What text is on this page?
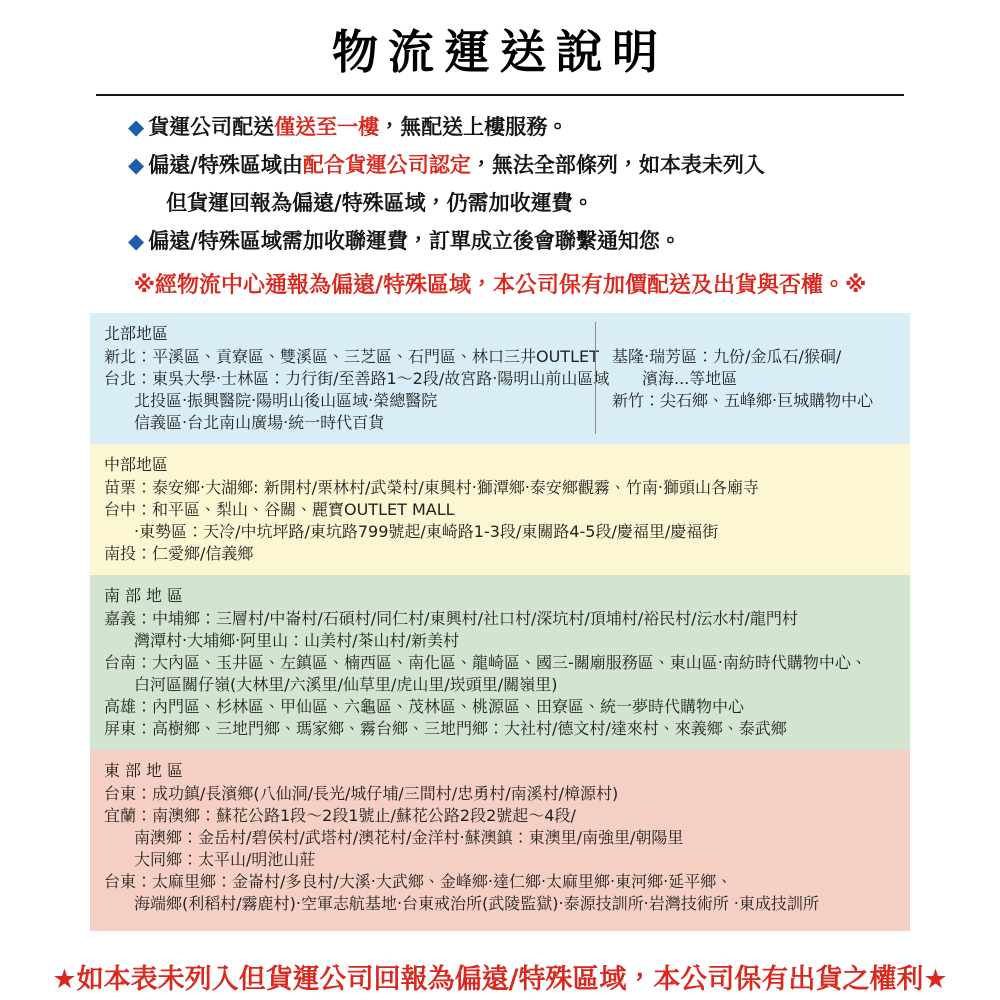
物流運送說明
◆ 貨運公司配送僅送至一樓，無配送上樓服務。
◆ 偏遠/特殊區域由配合貨運公司認定，無法全部條列，如本表未列入
但貨運回報為偏遠/特殊區域，仍需加收運費。
◆ 偏遠/特殊區域需加收聯運費，訂單成立後會聯繫通知您。
※經物流中心通報為偏遠/特殊區域，本公司保有加價配送及出貨與否權。※
北部地區
新北：平溪區、貢寮區、雙溪區、三芝區、石門區、林口三井OUTLET
台北：東吳大學‧士林區：力行街/至善路1～2段/故宮路‧陽明山前山區域
北投區‧振興醫院‧陽明山後山區域‧榮總醫院
信義區‧台北南山廣場‧統一時代百貨

基隆‧瑞芳區：九份/金瓜石/猴硐/
濱海...等地區
新竹：尖石鄉、五峰鄉‧巨城購物中心
中部地區
苗栗：泰安鄉‧大湖鄉: 新開村/栗林村/武榮村/東興村‧獅潭鄉‧泰安鄉觀霧、竹南‧獅頭山各廟寺
台中：和平區、梨山、谷關、麗寶OUTLET MALL
‧東勢區：天冷/中坑坪路/東坑路799號起/東崎路1-3段/東關路4-5段/慶福里/慶福街
南投：仁愛鄉/信義鄉
南部地區
嘉義：中埔鄉：三層村/中崙村/石碩村/同仁村/東興村/社口村/深坑村/頂埔村/裕民村/沄水村/龍門村
灣潭村‧大埔鄉‧阿里山：山美村/茶山村/新美村
台南：大內區、玉井區、左鎮區、楠西區、南化區、龍崎區、國三-關廟服務區、東山區‧南紡時代購物中心、
白河區關仔嶺(大林里/六溪里/仙草里/虎山里/崁頭里/關嶺里)
高雄：內門區、杉林區、甲仙區、六龜區、茂林區、桃源區、田寮區、統一夢時代購物中心
屏東：高樹鄉、三地門鄉、瑪家鄉、霧台鄉、三地門鄉：大社村/德文村/達來村、來義鄉、泰武鄉
東部地區
台東：成功鎮/長濱鄉(八仙洞/長光/城仔埔/三間村/忠勇村/南溪村/樟源村)
宜蘭：南澳鄉：蘇花公路1段～2段1號止/蘇花公路2段2號起～4段/
南澳鄉：金岳村/碧侯村/武塔村/澳花村/金洋村‧蘇澳鎮：東澳里/南強里/朝陽里
大同鄉：太平山/明池山莊
台東：太麻里鄉：金崙村/多良村/大溪‧大武鄉、金峰鄉‧達仁鄉‧太麻里鄉‧東河鄉‧延平鄉、
海端鄉(利稻村/霧鹿村)‧空軍志航基地‧台東戒治所(武陵監獄)‧泰源技訓所‧岩灣技術所 ‧東成技訓所
★如本表未列入但貨運公司回報為偏遠/特殊區域，本公司保有出貨之權利★
